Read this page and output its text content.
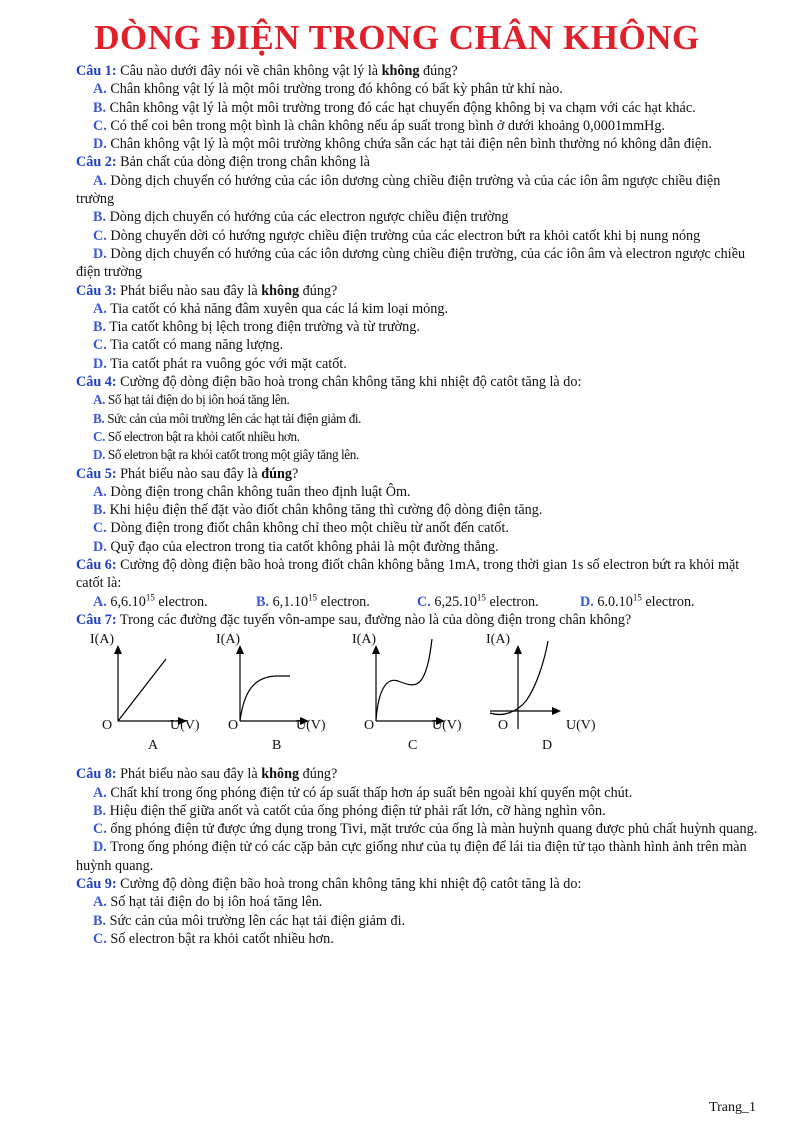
DÒNG ĐIỆN TRONG CHÂN KHÔNG

Câu 1: Câu nào dưới đây nói về chân không vật lý là không đúng?

A. Chân không vật lý là một môi trường trong đó không có bất kỳ phân tử khí nào.

B. Chân không vật lý là một môi trường trong đó các hạt chuyển động không bị va chạm với các hạt khác.

C. Có thể coi bên trong một bình là chân không nếu áp suất trong bình ở dưới khoảng 0,0001mmHg.

D. Chân không vật lý là một môi trường không chứa sẵn các hạt tải điện nên bình thường nó không dẫn điện.

Câu 2: Bản chất của dòng điện trong chân không là

A. Dòng dịch chuyển có hướng của các iôn dương cùng chiều điện trường và của các iôn âm ngược chiều điện trường

B. Dòng dịch chuyển có hướng của các electron ngược chiều điện trường

C. Dòng chuyển dời có hướng ngược chiều điện trường của các electron bứt ra khỏi catốt khi bị nung nóng

D. Dòng dịch chuyển có hướng của các iôn dương cùng chiều điện trường, của các iôn âm và electron ngược chiều điện trường

Câu 3: Phát biểu nào sau đây là không đúng?

A. Tia catốt có khả năng đâm xuyên qua các lá kim loại mỏng.

B. Tia catốt không bị lệch trong điện trường và từ trường.

C. Tia catốt có mang năng lượng.

D. Tia catốt phát ra vuông góc với mặt catốt.

Câu 4: Cường độ dòng điện bão hoà trong chân không tăng khi nhiệt độ catôt tăng là do:

A. Số hạt tải điện do bị iôn hoá tăng lên.

B. Sức cản của môi trường lên các hạt tải điện giảm đi.

C. Số electron bật ra khỏi catốt nhiều hơn.

D. Số eletron bật ra khỏi catốt trong một giây tăng lên.

Câu 5: Phát biểu nào sau đây là đúng?

A. Dòng điện trong chân không tuân theo định luật Ôm.

B. Khi hiệu điện thế đặt vào điốt chân không tăng thì cường độ dòng điện tăng.

C. Dòng điện trong điốt chân không chỉ theo một chiều từ anốt đến catốt.

D. Quỹ đạo của electron trong tia catốt không phải là một đường thẳng.

Câu 6: Cường độ dòng điện bão hoà trong điốt chân không bằng 1mA, trong thời gian 1s số electron bứt ra khỏi mặt catốt là:

A. 6,6.10$^{15}$ electron.	B. 6,1.10$^{15}$ electron.	C. 6,25.10$^{15}$ electron.	D. 6.0.10$^{15}$ electron.

Câu 7: Trong các đường đặc tuyến vôn-ampe sau, đường nào là của dòng điện trong chân không?

I(A)
O	U(V)
A
I(A)
O	U(V)
B
I(A)
O	U(V)
C
I(A)
O	U(V)
D

Câu 8: Phát biểu nào sau đây là không đúng?

A. Chất khí trong ống phóng điện tử có áp suất thấp hơn áp suất bên ngoài khí quyển một chút.

B. Hiệu điện thế giữa anốt và catốt của ống phóng điện tử phải rất lớn, cỡ hàng nghìn vôn.

C. ống phóng điện tử được ứng dụng trong Tivi, mặt trước của ống là màn huỳnh quang được phủ chất huỳnh quang.

D. Trong ống phóng điện tử có các cặp bản cực giống như của tụ điện để lái tia điện tử tạo thành hình ảnh trên màn huỳnh quang.

Câu 9: Cường độ dòng điện bão hoà trong chân không tăng khi nhiệt độ catôt tăng là do:

A. Số hạt tải điện do bị iôn hoá tăng lên.

B. Sức cản của môi trường lên các hạt tải điện giảm đi.

C. Số electron bật ra khỏi catốt nhiều hơn.

Trang_1
